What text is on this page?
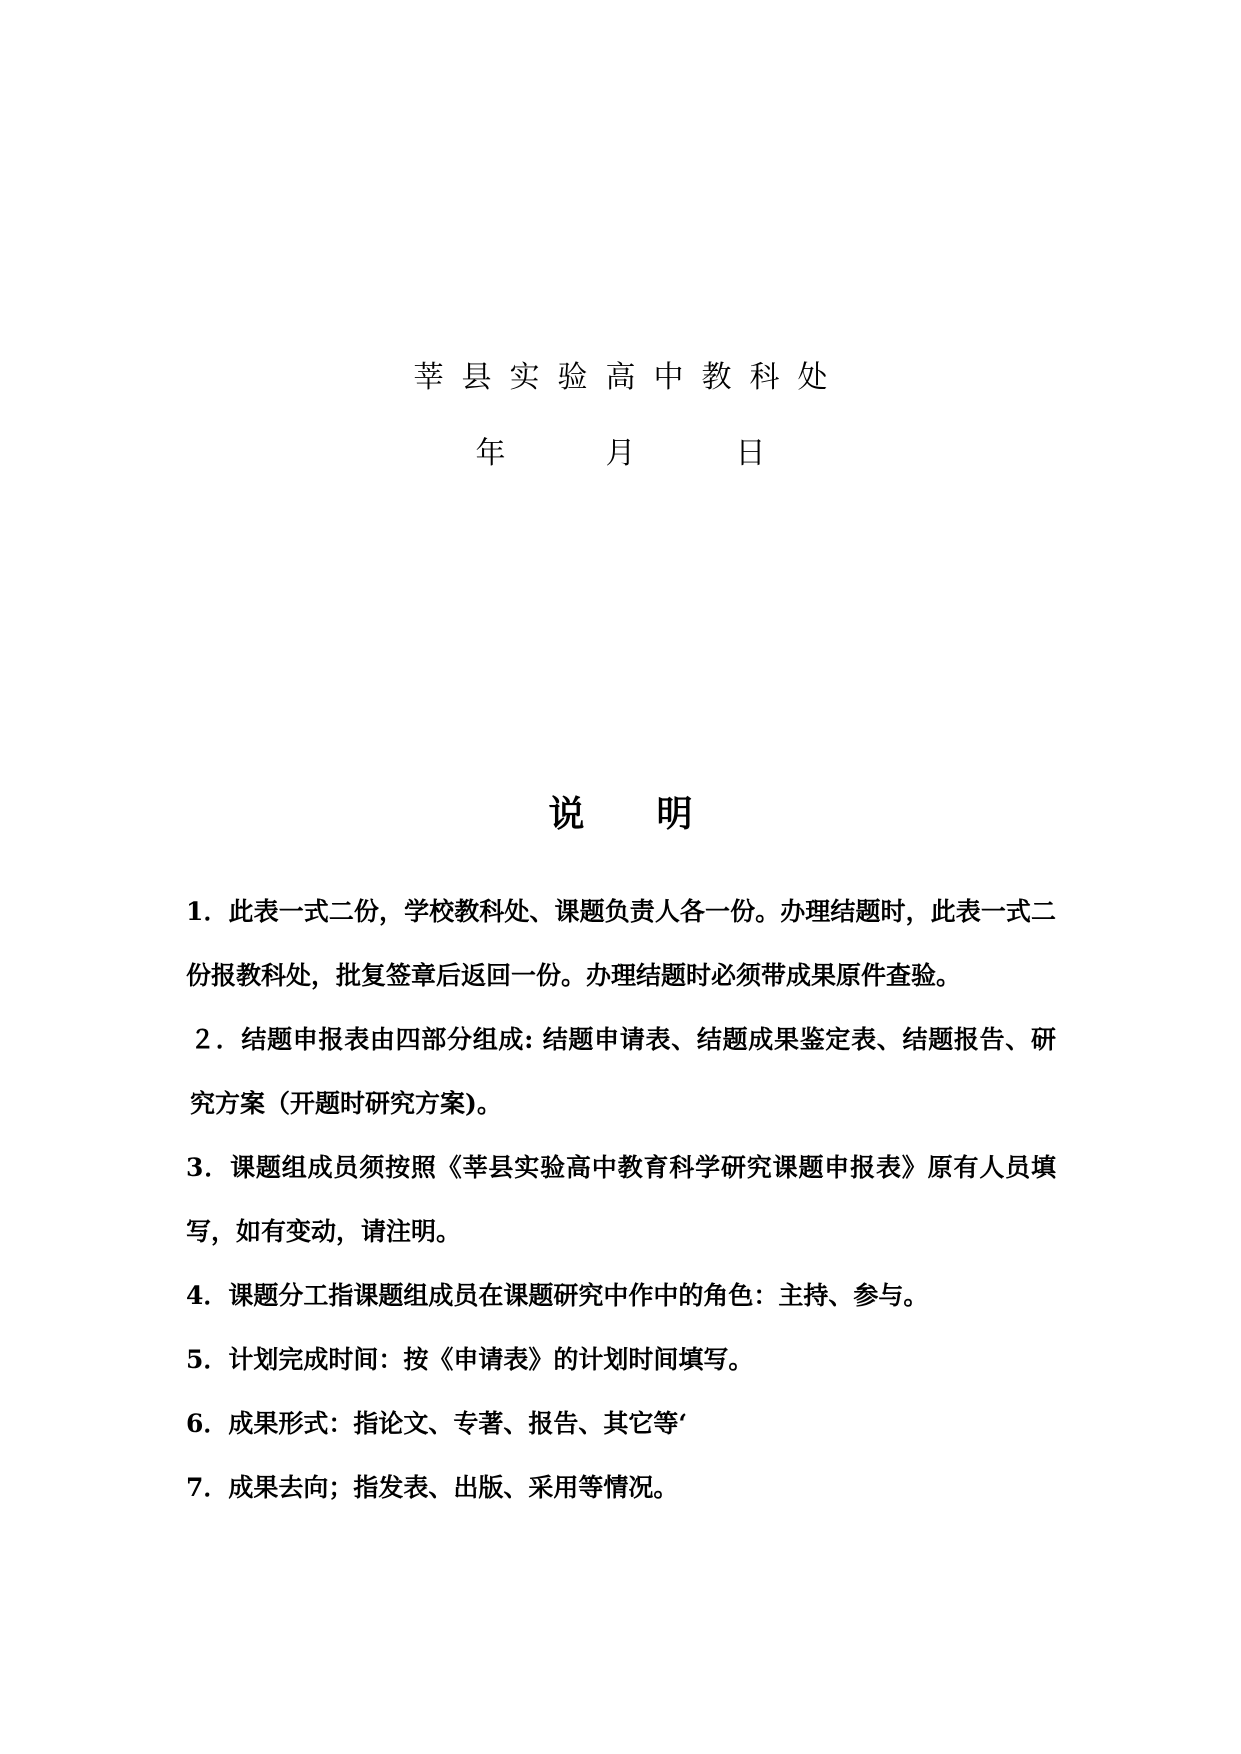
莘县实验高中教科处
年	月	日
说明

1．此表一式二份，学校教科处、课题负责人各一份。办理结题时，此表一式二份报教科处，批复签章后返回一份。办理结题时必须带成果原件查验。

２．结题申报表由四部分组成: 结题申请表、结题成果鉴定表、结题报告、研究方案（开题时研究方案)。

3．课题组成员须按照《莘县实验高中教育科学研究课题申报表》原有人员填写，如有变动，请注明。

4．课题分工指课题组成员在课题研究中作中的角色：主持、参与。

5．计划完成时间：按《申请表》的计划时间填写。

6．成果形式：指论文、专著、报告、其它等‘

7．成果去向；指发表、出版、采用等情况。
